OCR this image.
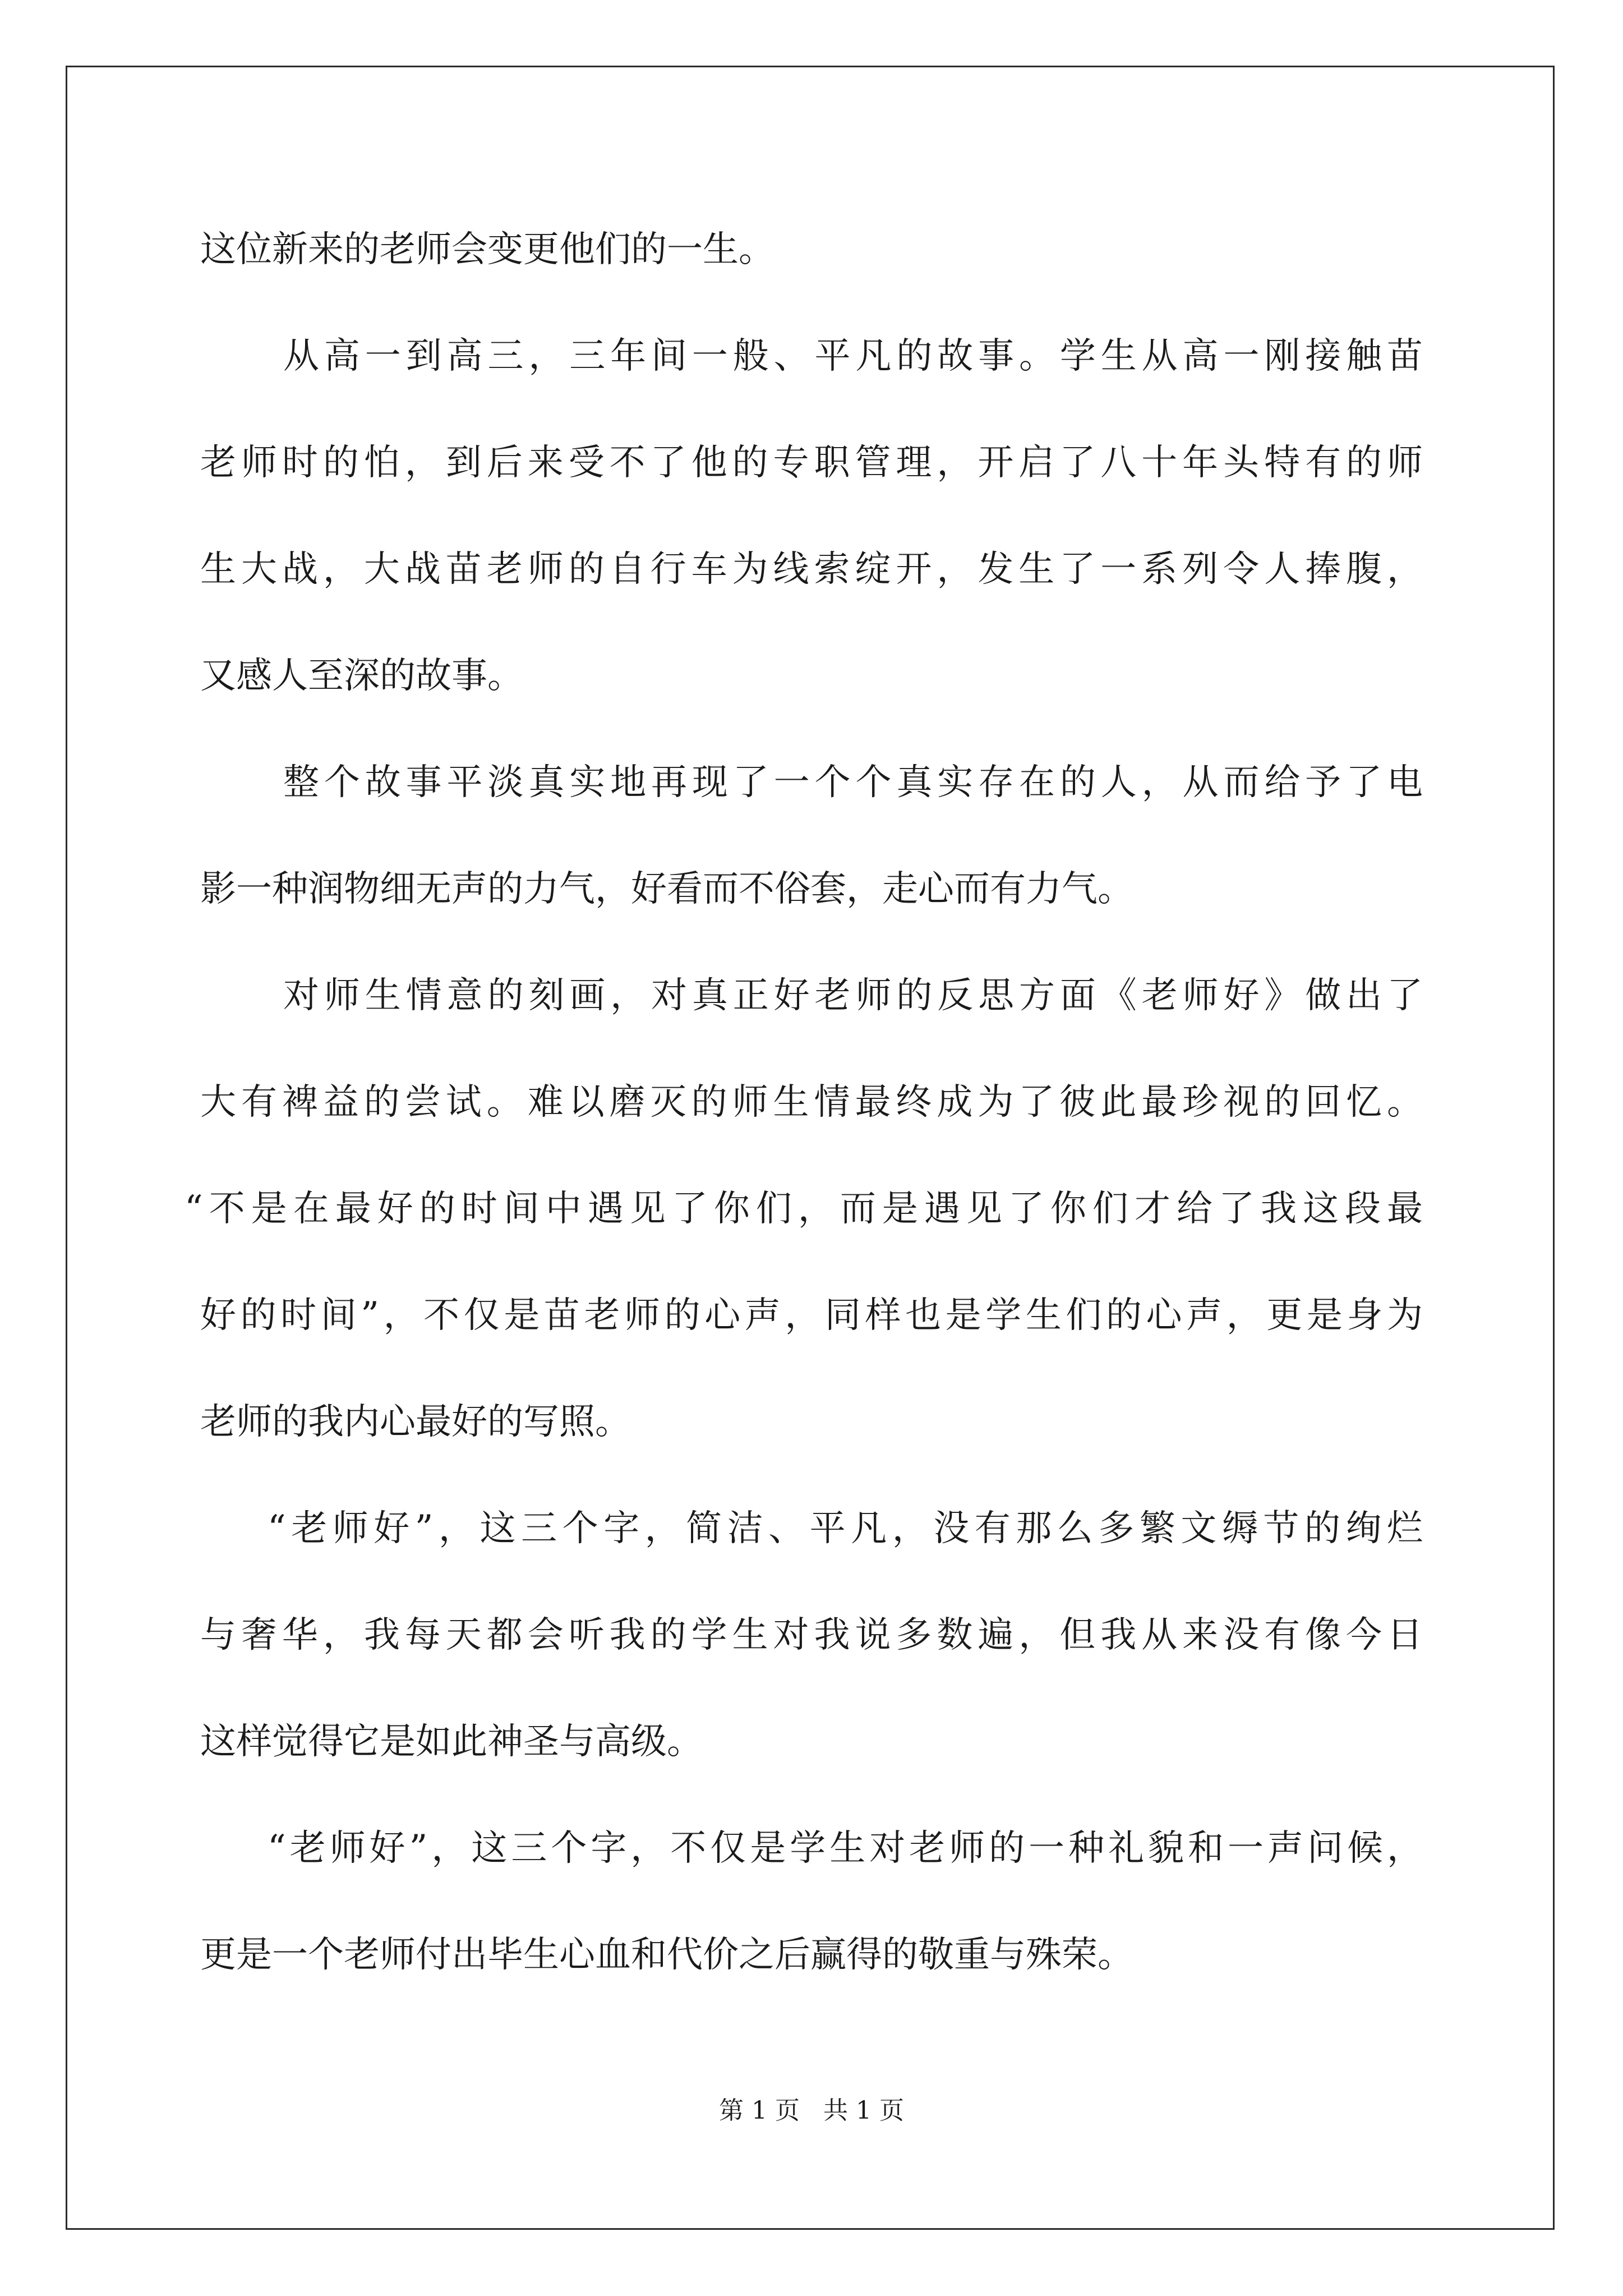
这位新来的老师会变更他们的一生。
从高一到高三，三年间一般、平凡的故事。学生从高一刚接触苗
老师时的怕，到后来受不了他的专职管理，开启了八十年头特有的师
生大战，大战苗老师的自行车为线索绽开，发生了一系列令人捧腹，
又感人至深的故事。
整个故事平淡真实地再现了一个个真实存在的人，从而给予了电
影一种润物细无声的力气，好看而不俗套，走心而有力气。
对师生情意的刻画，对真正好老师的反思方面《老师好》做出了
大有裨益的尝试。难以磨灭的师生情最终成为了彼此最珍视的回忆。
“不是在最好的时间中遇见了你们，而是遇见了你们才给了我这段最
好的时间”，不仅是苗老师的心声，同样也是学生们的心声，更是身为
老师的我内心最好的写照。
“老师好”，这三个字，简洁、平凡，没有那么多繁文缛节的绚烂
与奢华，我每天都会听我的学生对我说多数遍，但我从来没有像今日
这样觉得它是如此神圣与高级。
“老师好”，这三个字，不仅是学生对老师的一种礼貌和一声问候，
更是一个老师付出毕生心血和代价之后赢得的敬重与殊荣。
第 1 页 共 1 页
